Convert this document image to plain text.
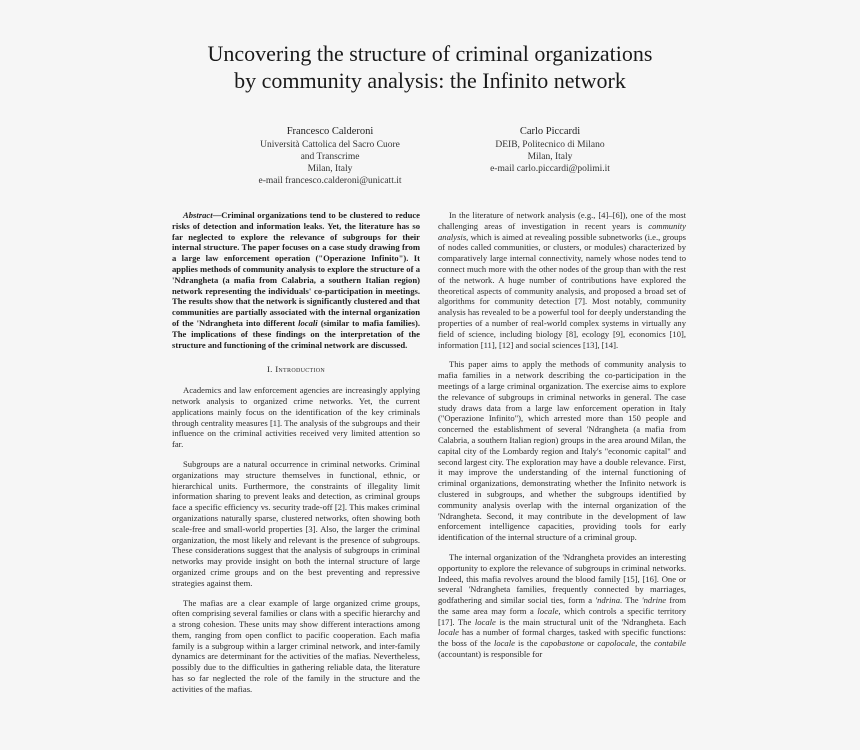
Uncovering the structure of criminal organizations
by community analysis: the Infinito network
Francesco Calderoni
Università Cattolica del Sacro Cuore
and Transcrime
Milan, Italy
e-mail francesco.calderoni@unicatt.it
Carlo Piccardi
DEIB, Politecnico di Milano
Milan, Italy
e-mail carlo.piccardi@polimi.it

Abstract—Criminal organizations tend to be clustered to reduce risks of detection and information leaks. Yet, the literature has so far neglected to explore the relevance of subgroups for their internal structure. The paper focuses on a case study drawing from a large law enforcement operation ("Operazione Infinito"). It applies methods of community analysis to explore the structure of a 'Ndrangheta (a mafia from Calabria, a southern Italian region) network representing the individuals' co-participation in meetings. The results show that the network is significantly clustered and that communities are partially associated with the internal organization of the 'Ndrangheta into different locali (similar to mafia families). The implications of these findings on the interpretation of the structure and functioning of the criminal network are discussed.

I. Introduction

Academics and law enforcement agencies are increasingly applying network analysis to organized crime networks. Yet, the current applications mainly focus on the identification of the key criminals through centrality measures [1]. The analysis of the subgroups and their influence on the criminal activities received very limited attention so far.

Subgroups are a natural occurrence in criminal networks. Criminal organizations may structure themselves in functional, ethnic, or hierarchical units. Furthermore, the constraints of illegality limit information sharing to prevent leaks and detection, as criminal groups face a specific efficiency vs. security trade-off [2]. This makes criminal organizations naturally sparse, clustered networks, often showing both scale-free and small-world properties [3]. Also, the larger the criminal organization, the most likely and relevant is the presence of subgroups. These considerations suggest that the analysis of subgroups in criminal networks may provide insight on both the internal structure of large organized crime groups and on the best preventing and repressive strategies against them.

The mafias are a clear example of large organized crime groups, often comprising several families or clans with a specific hierarchy and a strong cohesion. These units may show different interactions among them, ranging from open conflict to pacific cooperation. Each mafia family is a subgroup within a larger criminal network, and inter-family dynamics are determinant for the activities of the mafias. Nevertheless, possibly due to the difficulties in gathering reliable data, the literature has so far neglected the role of the family in the structure and the activities of the mafias.

In the literature of network analysis (e.g., [4]–[6]), one of the most challenging areas of investigation in recent years is community analysis, which is aimed at revealing possible subnetworks (i.e., groups of nodes called communities, or clusters, or modules) characterized by comparatively large internal connectivity, namely whose nodes tend to connect much more with the other nodes of the group than with the rest of the network. A huge number of contributions have explored the theoretical aspects of community analysis, and proposed a broad set of algorithms for community detection [7]. Most notably, community analysis has revealed to be a powerful tool for deeply understanding the properties of a number of real-world complex systems in virtually any field of science, including biology [8], ecology [9], economics [10], information [11], [12] and social sciences [13], [14].

This paper aims to apply the methods of community analysis to mafia families in a network describing the co-participation in the meetings of a large criminal organization. The exercise aims to explore the relevance of subgroups in criminal networks in general. The case study draws data from a large law enforcement operation in Italy ("Operazione Infinito"), which arrested more than 150 people and concerned the establishment of several 'Ndrangheta (a mafia from Calabria, a southern Italian region) groups in the area around Milan, the capital city of the Lombardy region and Italy's "economic capital" and second largest city. The exploration may have a double relevance. First, it may improve the understanding of the internal functioning of criminal organizations, demonstrating whether the Infinito network is clustered in subgroups, and whether the subgroups identified by community analysis overlap with the internal organization of the 'Ndrangheta. Second, it may contribute in the development of law enforcement intelligence capacities, providing tools for early identification of the internal structure of a criminal group.

The internal organization of the 'Ndrangheta provides an interesting opportunity to explore the relevance of subgroups in criminal networks. Indeed, this mafia revolves around the blood family [15], [16]. One or several 'Ndrangheta families, frequently connected by marriages, godfathering and similar social ties, form a 'ndrina. The 'ndrine from the same area may form a locale, which controls a specific territory [17]. The locale is the main structural unit of the 'Ndrangheta. Each locale has a number of formal charges, tasked with specific functions: the boss of the locale is the capobastone or capolocale, the contabile (accountant) is responsible for
